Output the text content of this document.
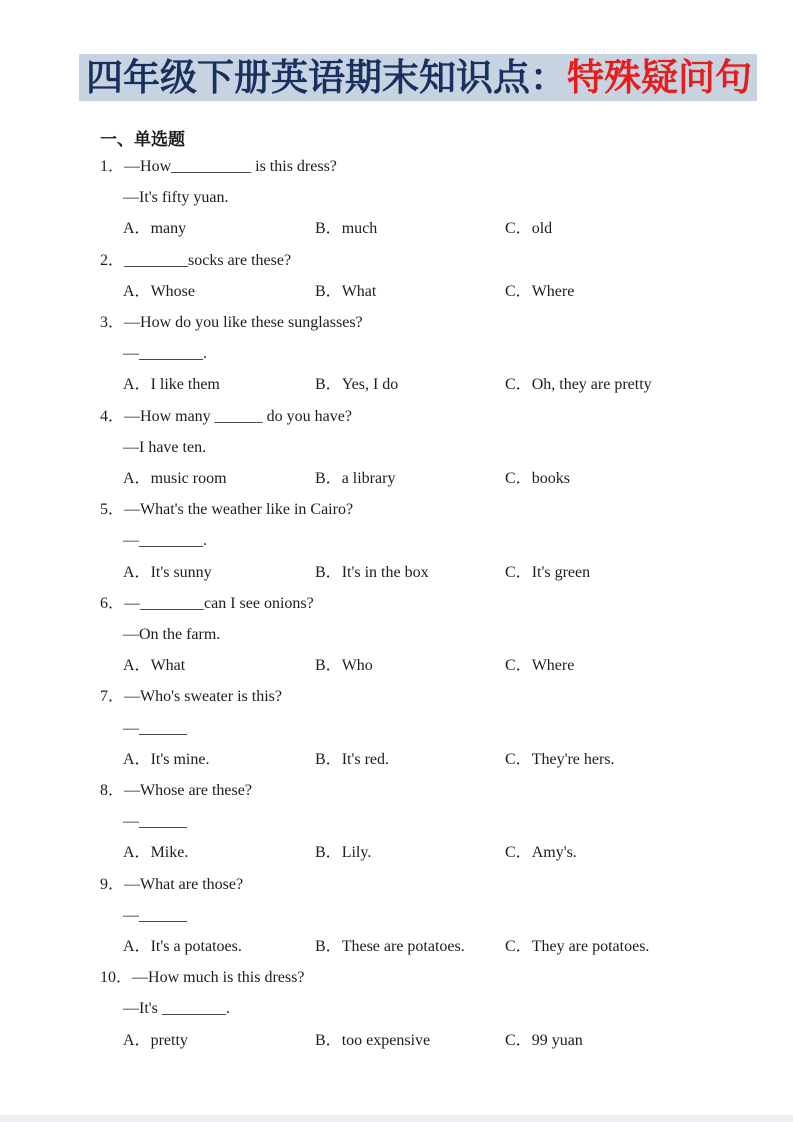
四年级下册英语期末知识点：特殊疑问句
一、单选题
1．—How__________ is this dress?
—It's fifty yuan.
A．many	B．much	C．old
2．________socks are these?
A．Whose	B．What	C．Where
3．—How do you like these sunglasses?
—________.
A．I like them	B．Yes, I do	C．Oh, they are pretty
4．—How many ______ do you have?
—I have ten.
A．music room	B．a library	C．books
5．—What's the weather like in Cairo?
—________.
A．It's sunny	B．It's in the box	C．It's green
6．—________can I see onions?
—On the farm.
A．What	B．Who	C．Where
7．—Who's sweater is this?
—______
A．It's mine.	B．It's red.	C．They're hers.
8．—Whose are these?
—______
A．Mike.	B．Lily.	C．Amy's.
9．—What are those?
—______
A．It's a potatoes.	B．These are potatoes.	C．They are potatoes.
10．—How much is this dress?
—It's ________.
A．pretty	B．too expensive	C．99 yuan
